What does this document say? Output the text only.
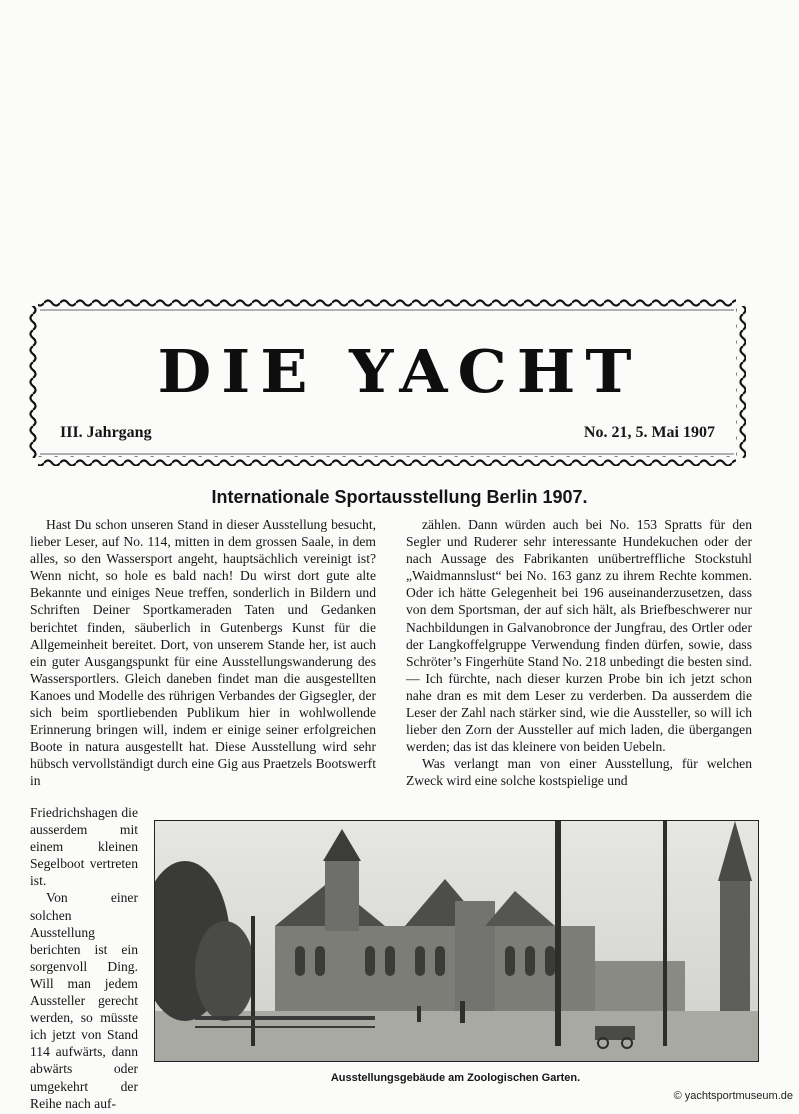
DIE YACHT
III. Jahrgang	No. 21, 5. Mai 1907
Internationale Sportausstellung Berlin 1907.

Hast Du schon unseren Stand in dieser Ausstellung besucht, lieber Leser, auf No. 114, mitten in dem grossen Saale, in dem alles, so den Wassersport angeht, hauptsächlich vereinigt ist? Wenn nicht, so hole es bald nach! Du wirst dort gute alte Bekannte und einiges Neue treffen, sonderlich in Bildern und Schriften Deiner Sportkameraden Taten und Gedanken berichtet finden, säuberlich in Gutenbergs Kunst für die Allgemeinheit bereitet. Dort, von unserem Stande her, ist auch ein guter Ausgangspunkt für eine Ausstellungswanderung des Wassersportlers. Gleich daneben findet man die ausgestellten Kanoes und Modelle des rührigen Verbandes der Gigsegler, der sich beim sportliebenden Publikum hier in wohlwollende Erinnerung bringen will, indem er einige seiner erfolgreichen Boote in natura ausgestellt hat. Diese Ausstellung wird sehr hübsch vervollständigt durch eine Gig aus Praetzels Bootswerft in

Friedrichshagen die ausserdem mit einem kleinen Segelboot vertreten ist.

Von einer solchen Ausstellung berichten ist ein sorgenvoll Ding. Will man jedem Aussteller gerecht werden, so müsste ich jetzt von Stand 114 aufwärts, dann abwärts oder umgekehrt der Reihe nach auf-

zählen. Dann würden auch bei No. 153 Spratts für den Segler und Ruderer sehr interessante Hundekuchen oder der nach Aussage des Fabrikanten unübertreffliche Stockstuhl „Waidmannslust“ bei No. 163 ganz zu ihrem Rechte kommen. Oder ich hätte Gelegenheit bei 196 auseinanderzusetzen, dass von dem Sportsman, der auf sich hält, als Briefbeschwerer nur Nachbildungen in Galvanobronce der Jungfrau, des Ortler oder der Langkoffelgruppe Verwendung finden dürfen, sowie, dass Schröter’s Fingerhüte Stand No. 218 unbedingt die besten sind. — Ich fürchte, nach dieser kurzen Probe bin ich jetzt schon nahe dran es mit dem Leser zu verderben. Da ausserdem die Leser der Zahl nach stärker sind, wie die Aussteller, so will ich lieber den Zorn der Aussteller auf mich laden, die übergangen werden; das ist das kleinere von beiden Uebeln.

Was verlangt man von einer Ausstellung, für welchen Zweck wird eine solche kostspielige und

Ausstellungsgebäude am Zoologischen Garten.
© yachtsportmuseum.de
